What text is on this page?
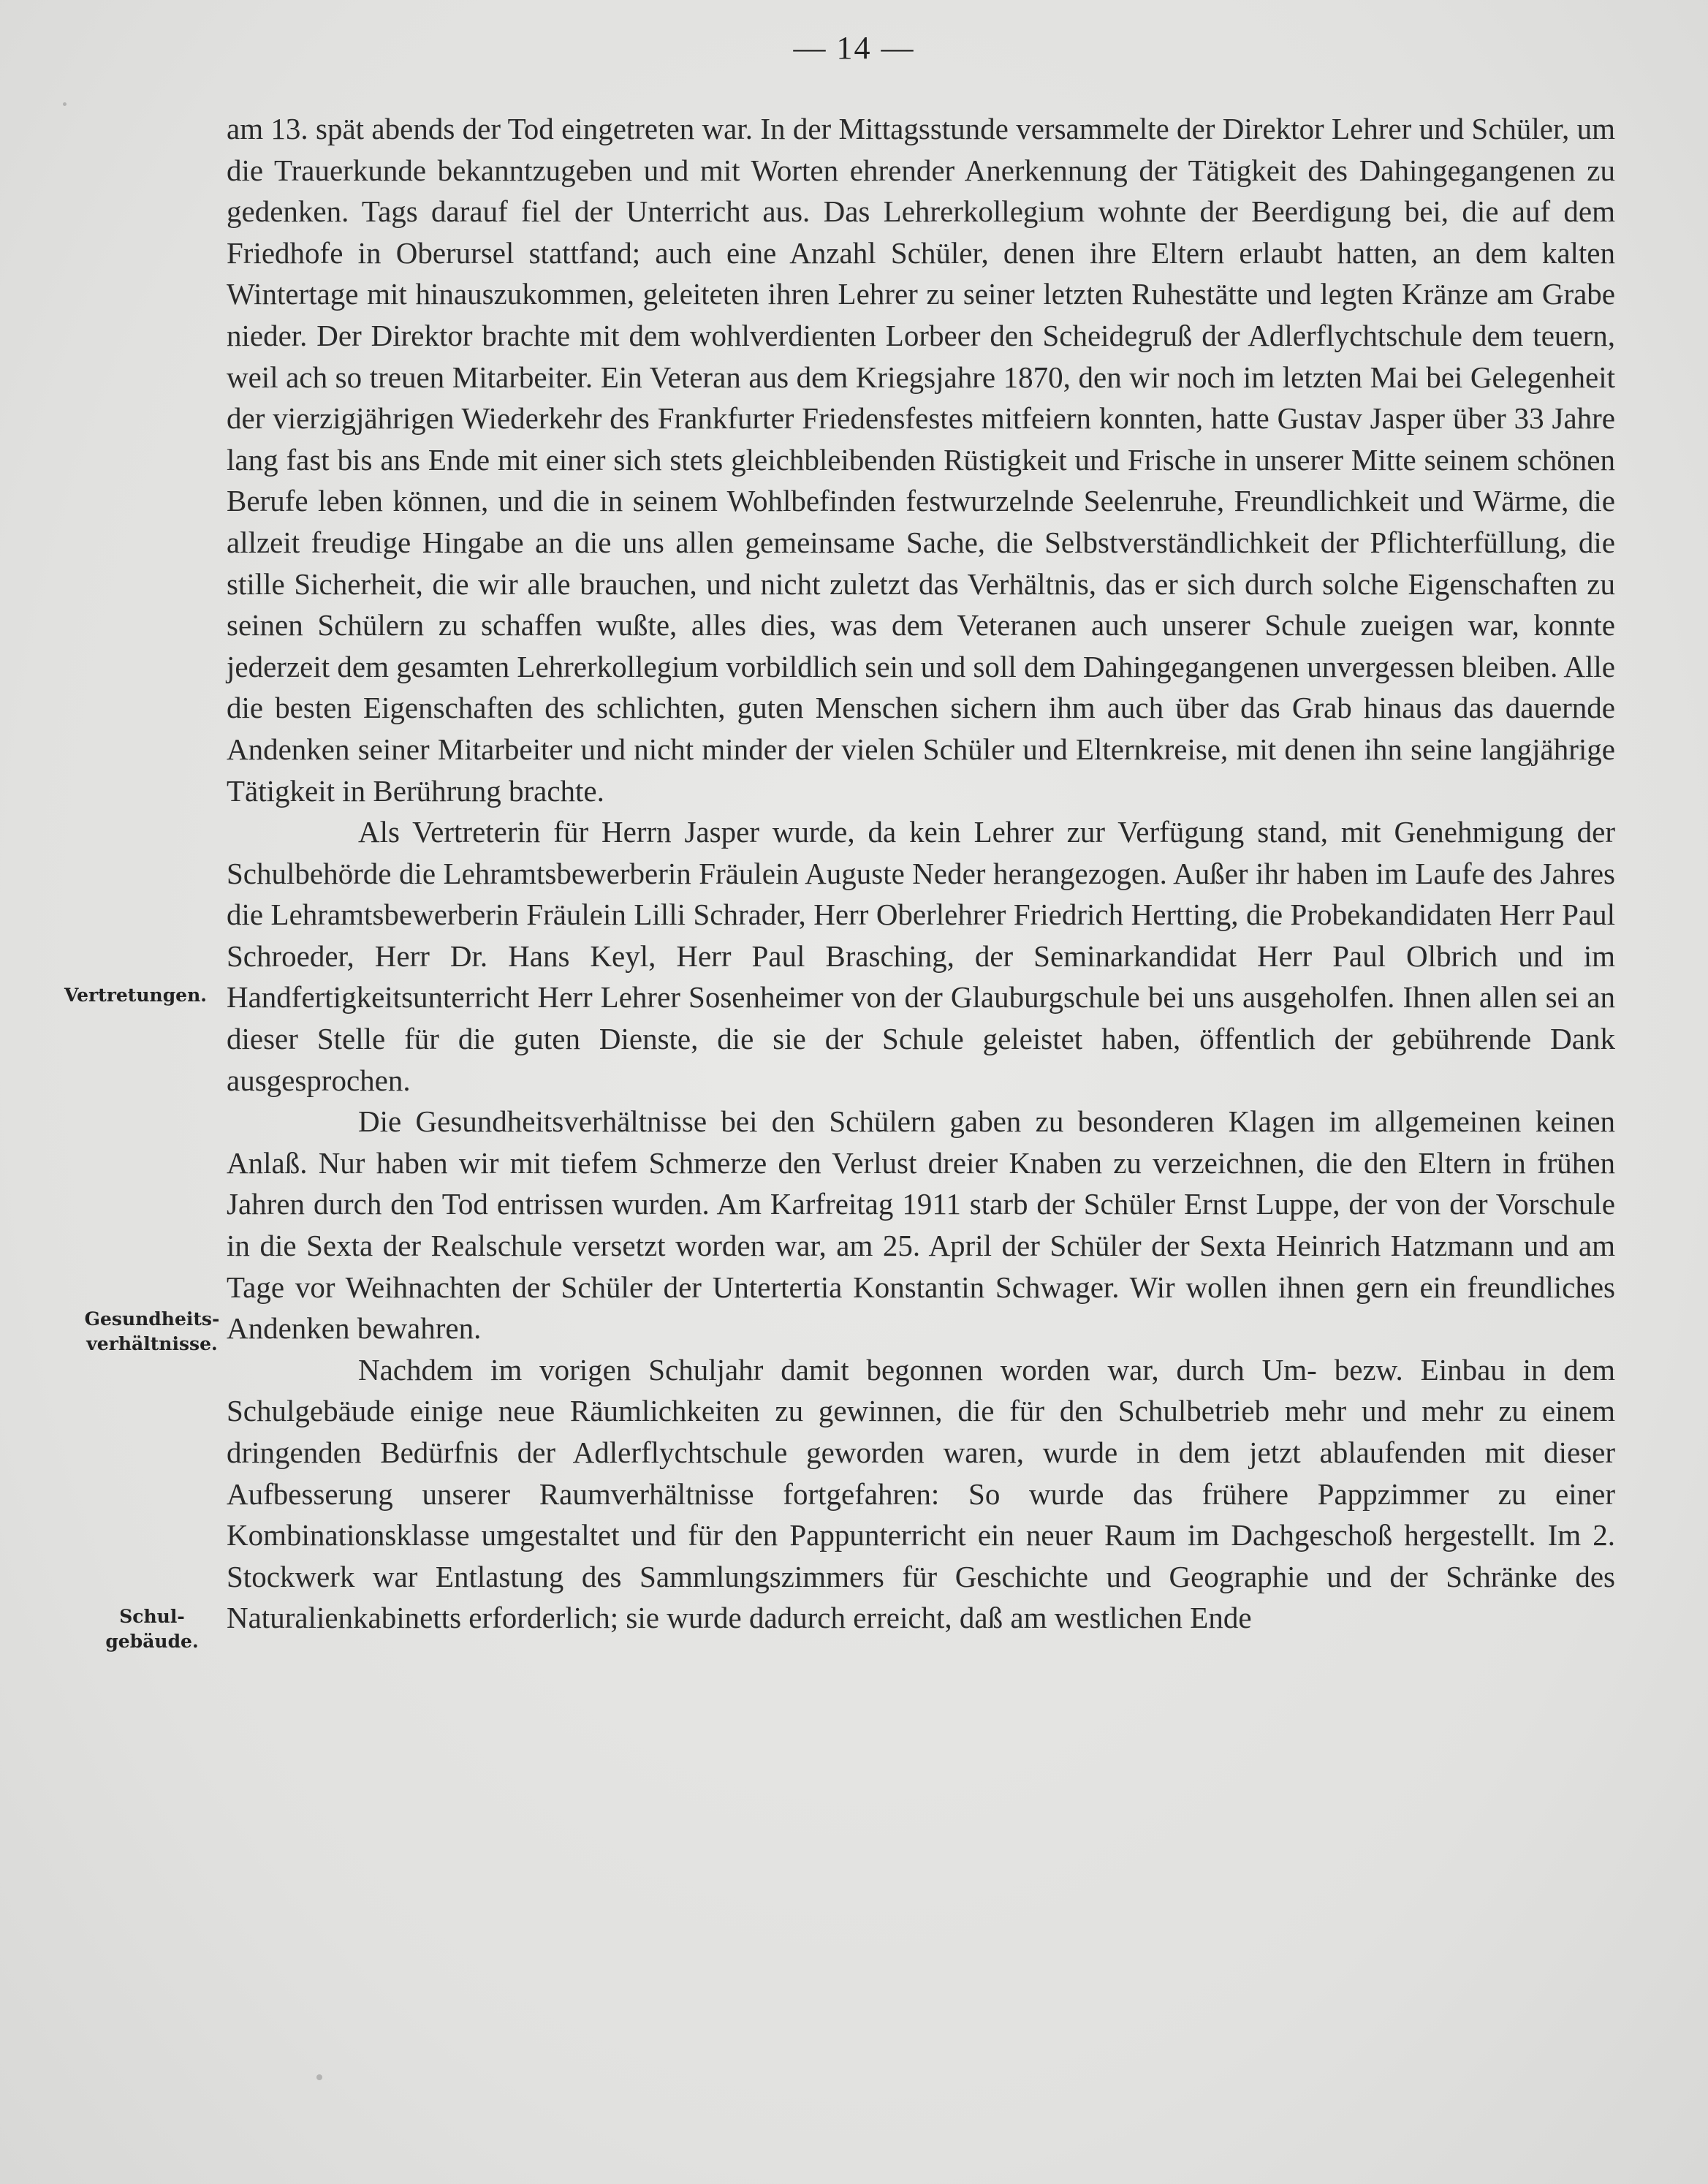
— 14 —
Vertretungen.
Gesundheits-
verhältnisse.
Schul-
gebäude.

am 13. spät abends der Tod eingetreten war. In der Mittagsstunde versammelte der Direktor Lehrer und Schüler, um die Trauerkunde bekanntzugeben und mit Worten ehrender Anerkennung der Tätigkeit des Dahingegangenen zu gedenken. Tags darauf fiel der Unterricht aus. Das Lehrerkollegium wohnte der Beerdigung bei, die auf dem Friedhofe in Oberursel stattfand; auch eine Anzahl Schüler, denen ihre Eltern erlaubt hatten, an dem kalten Wintertage mit hinauszukommen, geleiteten ihren Lehrer zu seiner letzten Ruhestätte und legten Kränze am Grabe nieder. Der Direktor brachte mit dem wohlverdienten Lorbeer den Scheidegruß der Adlerflychtschule dem teuern, weil ach so treuen Mitarbeiter. Ein Veteran aus dem Kriegsjahre 1870, den wir noch im letzten Mai bei Gelegenheit der vierzigjährigen Wiederkehr des Frankfurter Friedensfestes mitfeiern konnten, hatte Gustav Jasper über 33 Jahre lang fast bis ans Ende mit einer sich stets gleichbleibenden Rüstigkeit und Frische in unserer Mitte seinem schönen Berufe leben können, und die in seinem Wohlbefinden festwurzelnde Seelenruhe, Freundlichkeit und Wärme, die allzeit freudige Hingabe an die uns allen gemeinsame Sache, die Selbstverständlichkeit der Pflichterfüllung, die stille Sicherheit, die wir alle brauchen, und nicht zuletzt das Verhältnis, das er sich durch solche Eigenschaften zu seinen Schülern zu schaffen wußte, alles dies, was dem Veteranen auch unserer Schule zueigen war, konnte jederzeit dem gesamten Lehrerkollegium vorbildlich sein und soll dem Dahingegangenen unvergessen bleiben. Alle die besten Eigenschaften des schlichten, guten Menschen sichern ihm auch über das Grab hinaus das dauernde Andenken seiner Mitarbeiter und nicht minder der vielen Schüler und Elternkreise, mit denen ihn seine langjährige Tätigkeit in Berührung brachte.

Als Vertreterin für Herrn Jasper wurde, da kein Lehrer zur Verfügung stand, mit Genehmigung der Schulbehörde die Lehramtsbewerberin Fräulein Auguste Neder herangezogen. Außer ihr haben im Laufe des Jahres die Lehramtsbewerberin Fräulein Lilli Schrader, Herr Oberlehrer Friedrich Hertting, die Probekandidaten Herr Paul Schroeder, Herr Dr. Hans Keyl, Herr Paul Brasching, der Seminarkandidat Herr Paul Olbrich und im Handfertigkeitsunterricht Herr Lehrer Sosenheimer von der Glauburgschule bei uns ausgeholfen. Ihnen allen sei an dieser Stelle für die guten Dienste, die sie der Schule geleistet haben, öffentlich der gebührende Dank ausgesprochen.

Die Gesundheitsverhältnisse bei den Schülern gaben zu besonderen Klagen im allgemeinen keinen Anlaß. Nur haben wir mit tiefem Schmerze den Verlust dreier Knaben zu verzeichnen, die den Eltern in frühen Jahren durch den Tod entrissen wurden. Am Karfreitag 1911 starb der Schüler Ernst Luppe, der von der Vorschule in die Sexta der Realschule versetzt worden war, am 25. April der Schüler der Sexta Heinrich Hatzmann und am Tage vor Weihnachten der Schüler der Untertertia Konstantin Schwager. Wir wollen ihnen gern ein freundliches Andenken bewahren.

Nachdem im vorigen Schuljahr damit begonnen worden war, durch Um- bezw. Einbau in dem Schulgebäude einige neue Räumlichkeiten zu gewinnen, die für den Schulbetrieb mehr und mehr zu einem dringenden Bedürfnis der Adlerflychtschule geworden waren, wurde in dem jetzt ablaufenden mit dieser Aufbesserung unserer Raumverhältnisse fortgefahren: So wurde das frühere Pappzimmer zu einer Kombinationsklasse umgestaltet und für den Pappunterricht ein neuer Raum im Dachgeschoß hergestellt. Im 2. Stockwerk war Entlastung des Sammlungszimmers für Geschichte und Geographie und der Schränke des Naturalienkabinetts erforderlich; sie wurde dadurch erreicht, daß am westlichen Ende
